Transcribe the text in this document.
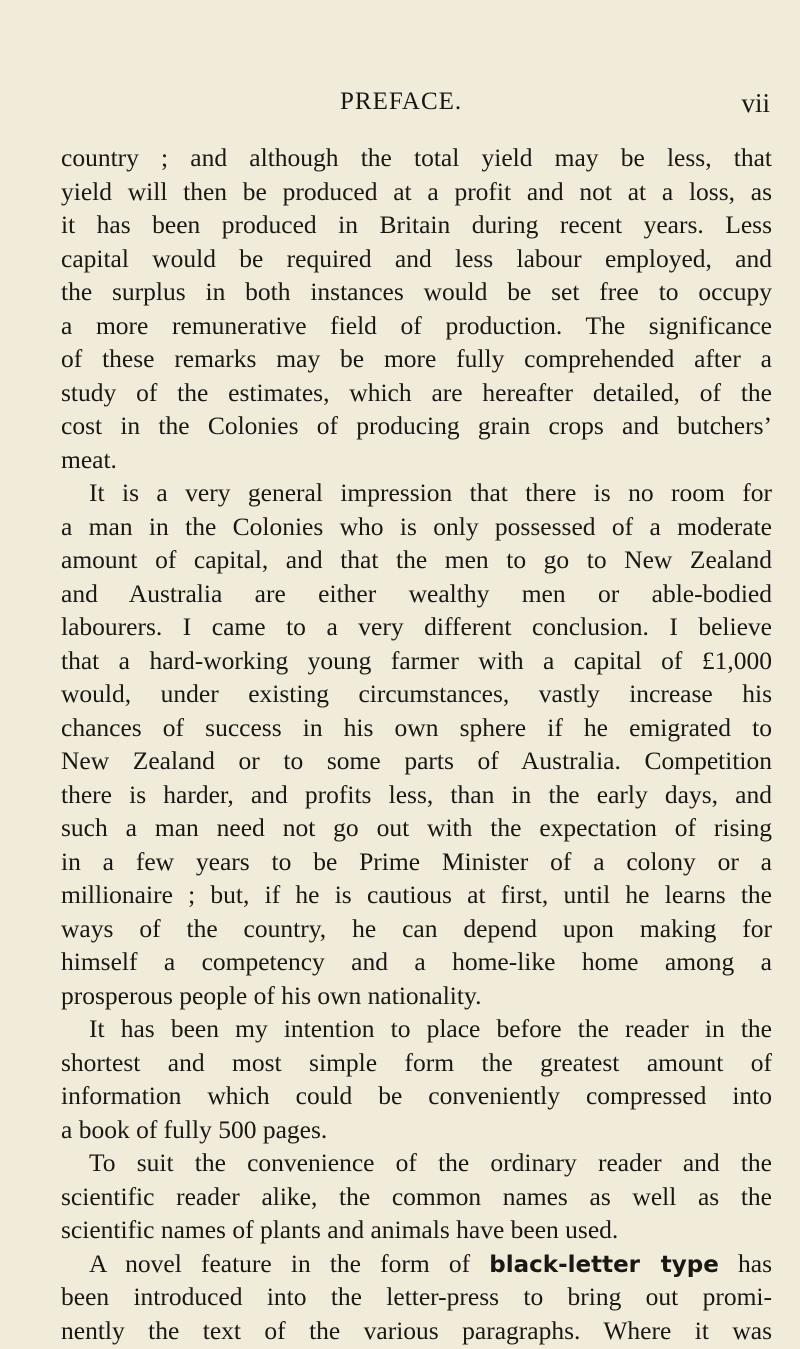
PREFACE.	vii
country ; and although the total yield may be less, that
yield will then be produced at a profit and not at a loss, as
it has been produced in Britain during recent years. Less
capital would be required and less labour employed, and
the surplus in both instances would be set free to occupy
a more remunerative field of production. The significance
of these remarks may be more fully comprehended after a
study of the estimates, which are hereafter detailed, of the
cost in the Colonies of producing grain crops and butchers’
meat.
It is a very general impression that there is no room for
a man in the Colonies who is only possessed of a moderate
amount of capital, and that the men to go to New Zealand
and Australia are either wealthy men or able-bodied
labourers. I came to a very different conclusion. I believe
that a hard-working young farmer with a capital of £1,000
would, under existing circumstances, vastly increase his
chances of success in his own sphere if he emigrated to
New Zealand or to some parts of Australia. Competition
there is harder, and profits less, than in the early days, and
such a man need not go out with the expectation of rising
in a few years to be Prime Minister of a colony or a
millionaire ; but, if he is cautious at first, until he learns the
ways of the country, he can depend upon making for
himself a competency and a home-like home among a
prosperous people of his own nationality.
It has been my intention to place before the reader in the
shortest and most simple form the greatest amount of
information which could be conveniently compressed into
a book of fully 500 pages.
To suit the convenience of the ordinary reader and the
scientific reader alike, the common names as well as the
scientific names of plants and animals have been used.
A novel feature in the form of black-letter type has
been introduced into the letter-press to bring out promi-
nently the text of the various paragraphs. Where it was
